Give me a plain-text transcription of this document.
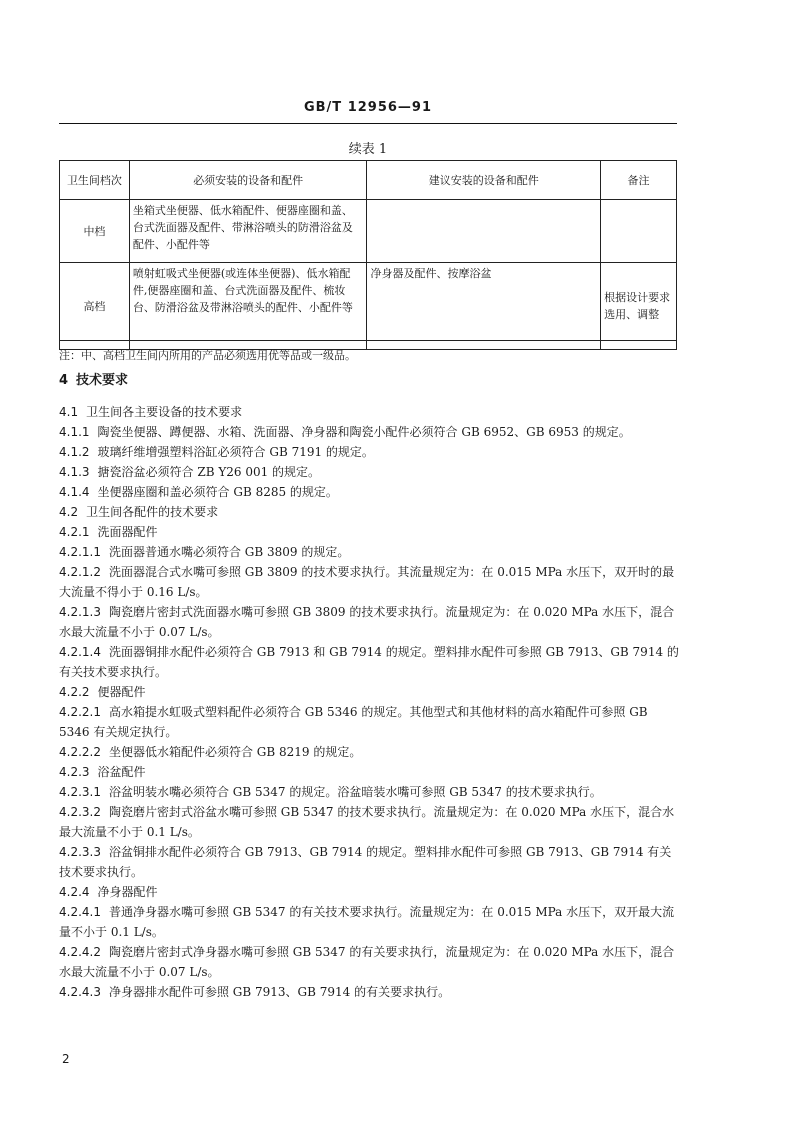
GB/T 12956—91
续表 1
卫生间档次	必须安装的设备和配件	建议安装的设备和配件	备注
中档	坐箱式坐便器、低水箱配件、便器座圈和盖、台式洗面器及配件、带淋浴喷头的防滑浴盆及配件、小配件等		
高档	喷射虹吸式坐便器(或连体坐便器)、低水箱配件,便器座圈和盖、台式洗面器及配件、梳妆台、防滑浴盆及带淋浴喷头的配件、小配件等	净身器及配件、按摩浴盆	根据设计要求选用、调整
注：中、高档卫生间内所用的产品必须选用优等品或一级品。
4 技术要求

4.1 卫生间各主要设备的技术要求

4.1.1 陶瓷坐便器、蹲便器、水箱、洗面器、净身器和陶瓷小配件必须符合 GB 6952、GB 6953 的规定。

4.1.2 玻璃纤维增强塑料浴缸必须符合 GB 7191 的规定。

4.1.3 搪瓷浴盆必须符合 ZB Y26 001 的规定。

4.1.4 坐便器座圈和盖必须符合 GB 8285 的规定。

4.2 卫生间各配件的技术要求

4.2.1 洗面器配件

4.2.1.1 洗面器普通水嘴必须符合 GB 3809 的规定。

4.2.1.2 洗面器混合式水嘴可参照 GB 3809 的技术要求执行。其流量规定为：在 0.015 MPa 水压下，双开时的最大流量不得小于 0.16 L/s。

4.2.1.3 陶瓷磨片密封式洗面器水嘴可参照 GB 3809 的技术要求执行。流量规定为：在 0.020 MPa 水压下，混合水最大流量不小于 0.07 L/s。

4.2.1.4 洗面器铜排水配件必须符合 GB 7913 和 GB 7914 的规定。塑料排水配件可参照 GB 7913、GB 7914 的有关技术要求执行。

4.2.2 便器配件

4.2.2.1 高水箱提水虹吸式塑料配件必须符合 GB 5346 的规定。其他型式和其他材料的高水箱配件可参照 GB 5346 有关规定执行。

4.2.2.2 坐便器低水箱配件必须符合 GB 8219 的规定。

4.2.3 浴盆配件

4.2.3.1 浴盆明装水嘴必须符合 GB 5347 的规定。浴盆暗装水嘴可参照 GB 5347 的技术要求执行。

4.2.3.2 陶瓷磨片密封式浴盆水嘴可参照 GB 5347 的技术要求执行。流量规定为：在 0.020 MPa 水压下，混合水最大流量不小于 0.1 L/s。

4.2.3.3 浴盆铜排水配件必须符合 GB 7913、GB 7914 的规定。塑料排水配件可参照 GB 7913、GB 7914 有关技术要求执行。

4.2.4 净身器配件

4.2.4.1 普通净身器水嘴可参照 GB 5347 的有关技术要求执行。流量规定为：在 0.015 MPa 水压下，双开最大流量不小于 0.1 L/s。

4.2.4.2 陶瓷磨片密封式净身器水嘴可参照 GB 5347 的有关要求执行，流量规定为：在 0.020 MPa 水压下，混合水最大流量不小于 0.07 L/s。

4.2.4.3 净身器排水配件可参照 GB 7913、GB 7914 的有关要求执行。

2
